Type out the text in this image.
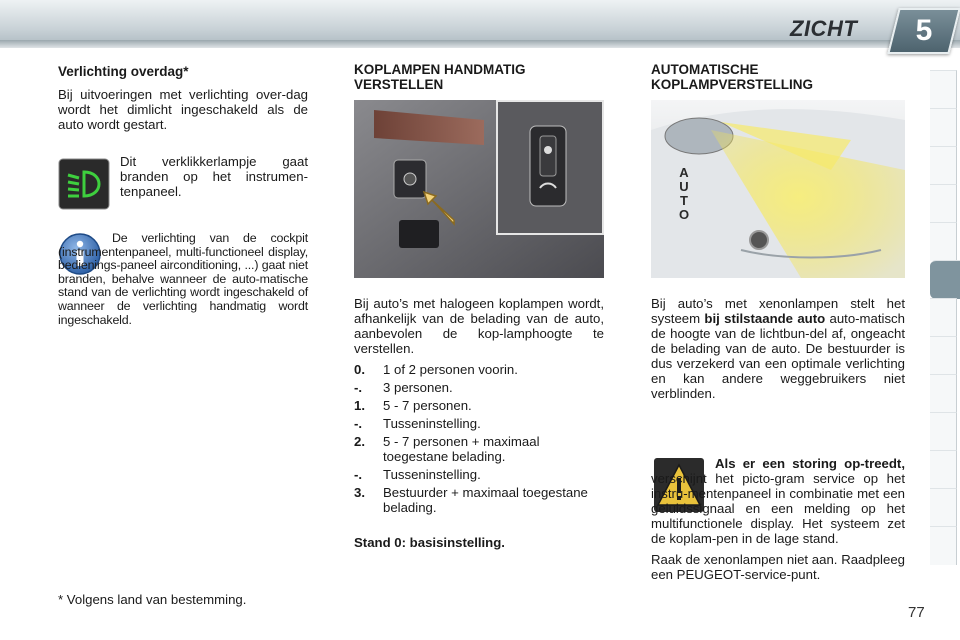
ZICHT	5
Verlichting overdag*

Bij uitvoeringen met verlichting over-dag wordt het dimlicht ingeschakeld als de auto wordt gestart.

Dit verklikkerlampje gaat branden op het instrumen-tenpaneel.

De verlichting van de cockpit (instrumentenpaneel, multi-functioneel display, bedienings-paneel airconditioning, ...) gaat niet branden, behalve wanneer de auto-matische stand van de verlichting wordt ingeschakeld of wanneer de verlichting handmatig wordt ingeschakeld.

* Volgens land van bestemming.

KOPLAMPEN HANDMATIG
VERSTELLEN

Bij auto’s met halogeen koplampen wordt, afhankelijk van de belading van de auto, aanbevolen de kop-lamphoogte te verstellen.

0.	1 of 2 personen voorin.
-.	3 personen.
1.	5 - 7 personen.
-.	Tusseninstelling.
2.	5 - 7 personen + maximaal toegestane belading.
-.	Tusseninstelling.
3.	Bestuurder + maximaal toegestane belading.

Stand 0: basisinstelling.

AUTOMATISCHE
KOPLAMPVERSTELLING
AUTO

Bij auto’s met xenonlampen stelt het systeem bij stilstaande auto auto-matisch de hoogte van de lichtbun-del af, ongeacht de belading van de auto. De bestuurder is dus verzekerd van een optimale verlichting en kan andere weggebruikers niet verblinden.

Als er een storing op-treedt, verschijnt het picto-gram service op het instru-mentenpaneel in combinatie met een geluidssignaal en een melding op het multifunctionele display. Het systeem zet de koplam-pen in de lage stand.

Raak de xenonlampen niet aan. Raadpleeg een PEUGEOT-service-punt.

77
